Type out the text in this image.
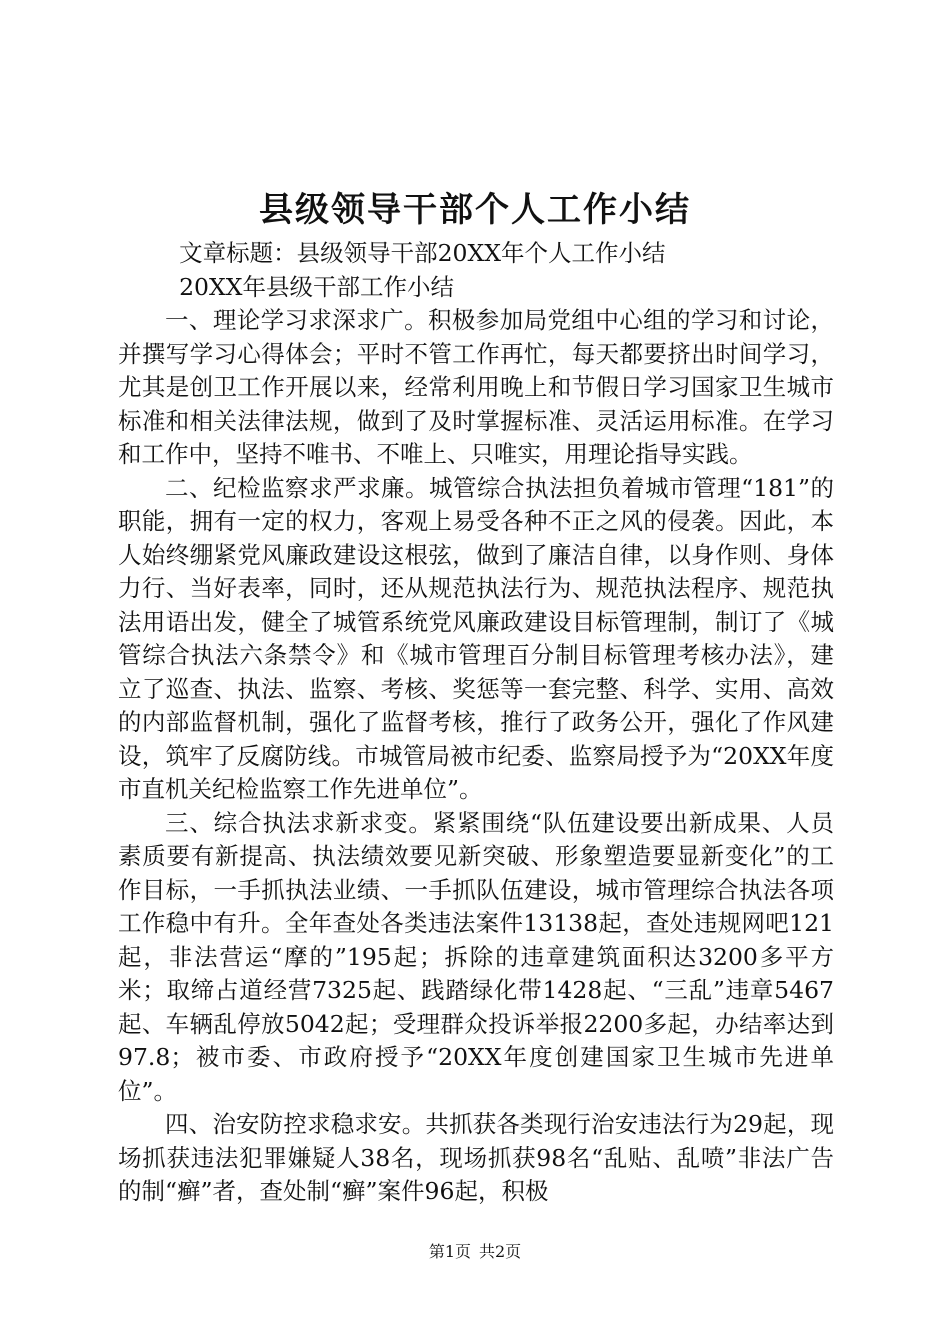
县级领导干部个人工作小结

文章标题：县级领导干部20XX年个人工作小结

20XX年县级干部工作小结

一、理论学习求深求广。积极参加局党组中心组的学习和讨论，并撰写学习心得体会；平时不管工作再忙，每天都要挤出时间学习，尤其是创卫工作开展以来，经常利用晚上和节假日学习国家卫生城市标准和相关法律法规，做到了及时掌握标准、灵活运用标准。在学习和工作中，坚持不唯书、不唯上、只唯实，用理论指导实践。

二、纪检监察求严求廉。城管综合执法担负着城市管理“181”的职能，拥有一定的权力，客观上易受各种不正之风的侵袭。因此，本人始终绷紧党风廉政建设这根弦，做到了廉洁自律，以身作则、身体力行、当好表率，同时，还从规范执法行为、规范执法程序、规范执法用语出发，健全了城管系统党风廉政建设目标管理制，制订了《城管综合执法六条禁令》和《城市管理百分制目标管理考核办法》，建立了巡查、执法、监察、考核、奖惩等一套完整、科学、实用、高效的内部监督机制，强化了监督考核，推行了政务公开，强化了作风建设，筑牢了反腐防线。市城管局被市纪委、监察局授予为“20XX年度市直机关纪检监察工作先进单位”。

三、综合执法求新求变。紧紧围绕“队伍建设要出新成果、人员素质要有新提高、执法绩效要见新突破、形象塑造要显新变化”的工作目标，一手抓执法业绩、一手抓队伍建设，城市管理综合执法各项工作稳中有升。全年查处各类违法案件13138起，查处违规网吧121起，非法营运“摩的”195起；拆除的违章建筑面积达3200多平方米；取缔占道经营7325起、践踏绿化带1428起、“三乱”违章5467起、车辆乱停放5042起；受理群众投诉举报2200多起，办结率达到97.8；被市委、市政府授予“20XX年度创建国家卫生城市先进单位”。

四、治安防控求稳求安。共抓获各类现行治安违法行为29起，现场抓获违法犯罪嫌疑人38名，现场抓获98名“乱贴、乱喷”非法广告的制“癣”者，查处制“癣”案件96起，积极

第1页 共2页
